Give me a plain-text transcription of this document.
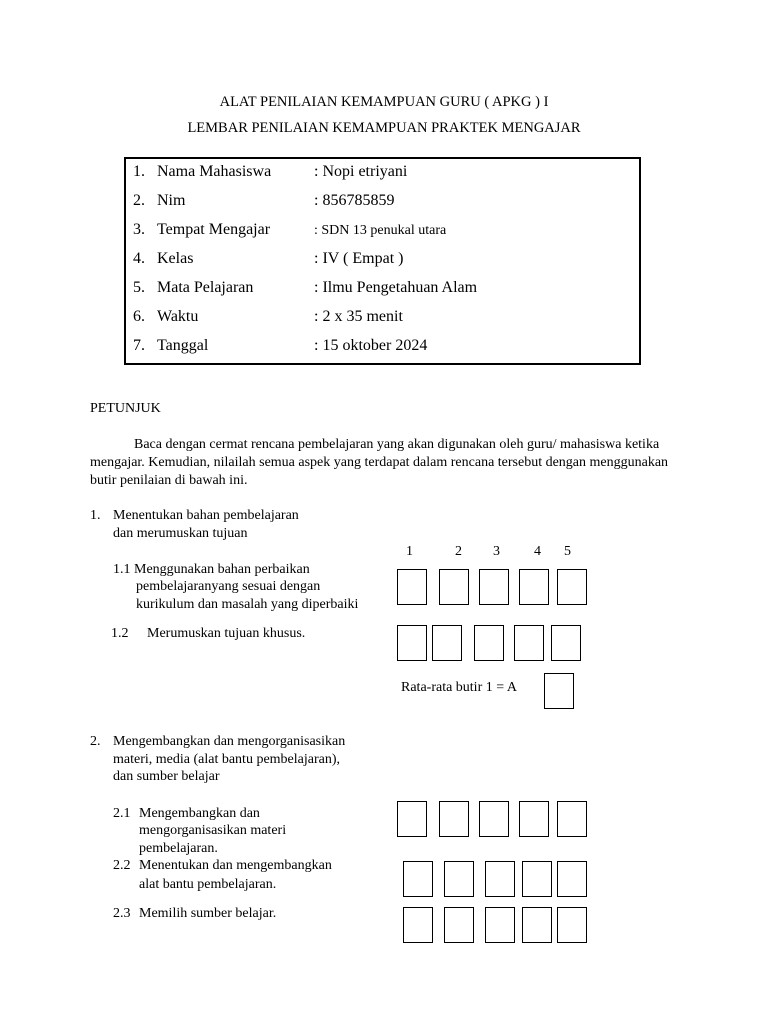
ALAT PENILAIAN KEMAMPUAN GURU ( APKG ) I
LEMBAR PENILAIAN KEMAMPUAN PRAKTEK MENGAJAR
1. Nama Mahasiswa	: Nopi etriyani
2. Nim	: 856785859
3. Tempat Mengajar	: SDN 13 penukal utara
4. Kelas	: IV ( Empat )
5. Mata Pelajaran	: Ilmu Pengetahuan Alam
6. Waktu	: 2 x 35 menit
7. Tanggal	: 15 oktober 2024
PETUNJUK
Baca dengan cermat rencana pembelajaran yang akan digunakan oleh guru/ mahasiswa ketika mengajar. Kemudian, nilailah semua aspek yang terdapat dalam rencana tersebut dengan menggunakan butir penilaian di bawah ini.
1. Menentukan bahan pembelajaran
dan merumuskan tujuan
1	2 3 4 5
1.1 Menggunakan bahan perbaikan
pembelajaranyang sesuai dengan
kurikulum dan masalah yang diperbaiki
1.2 Merumuskan tujuan khusus.
Rata-rata butir 1 = A
2. Mengembangkan dan mengorganisasikan
materi, media (alat bantu pembelajaran),
dan sumber belajar
2.1 Mengembangkan dan
mengorganisasikan materi
pembelajaran.
2.2 Menentukan dan mengembangkan
alat bantu pembelajaran.
2.3 Memilih sumber belajar.
